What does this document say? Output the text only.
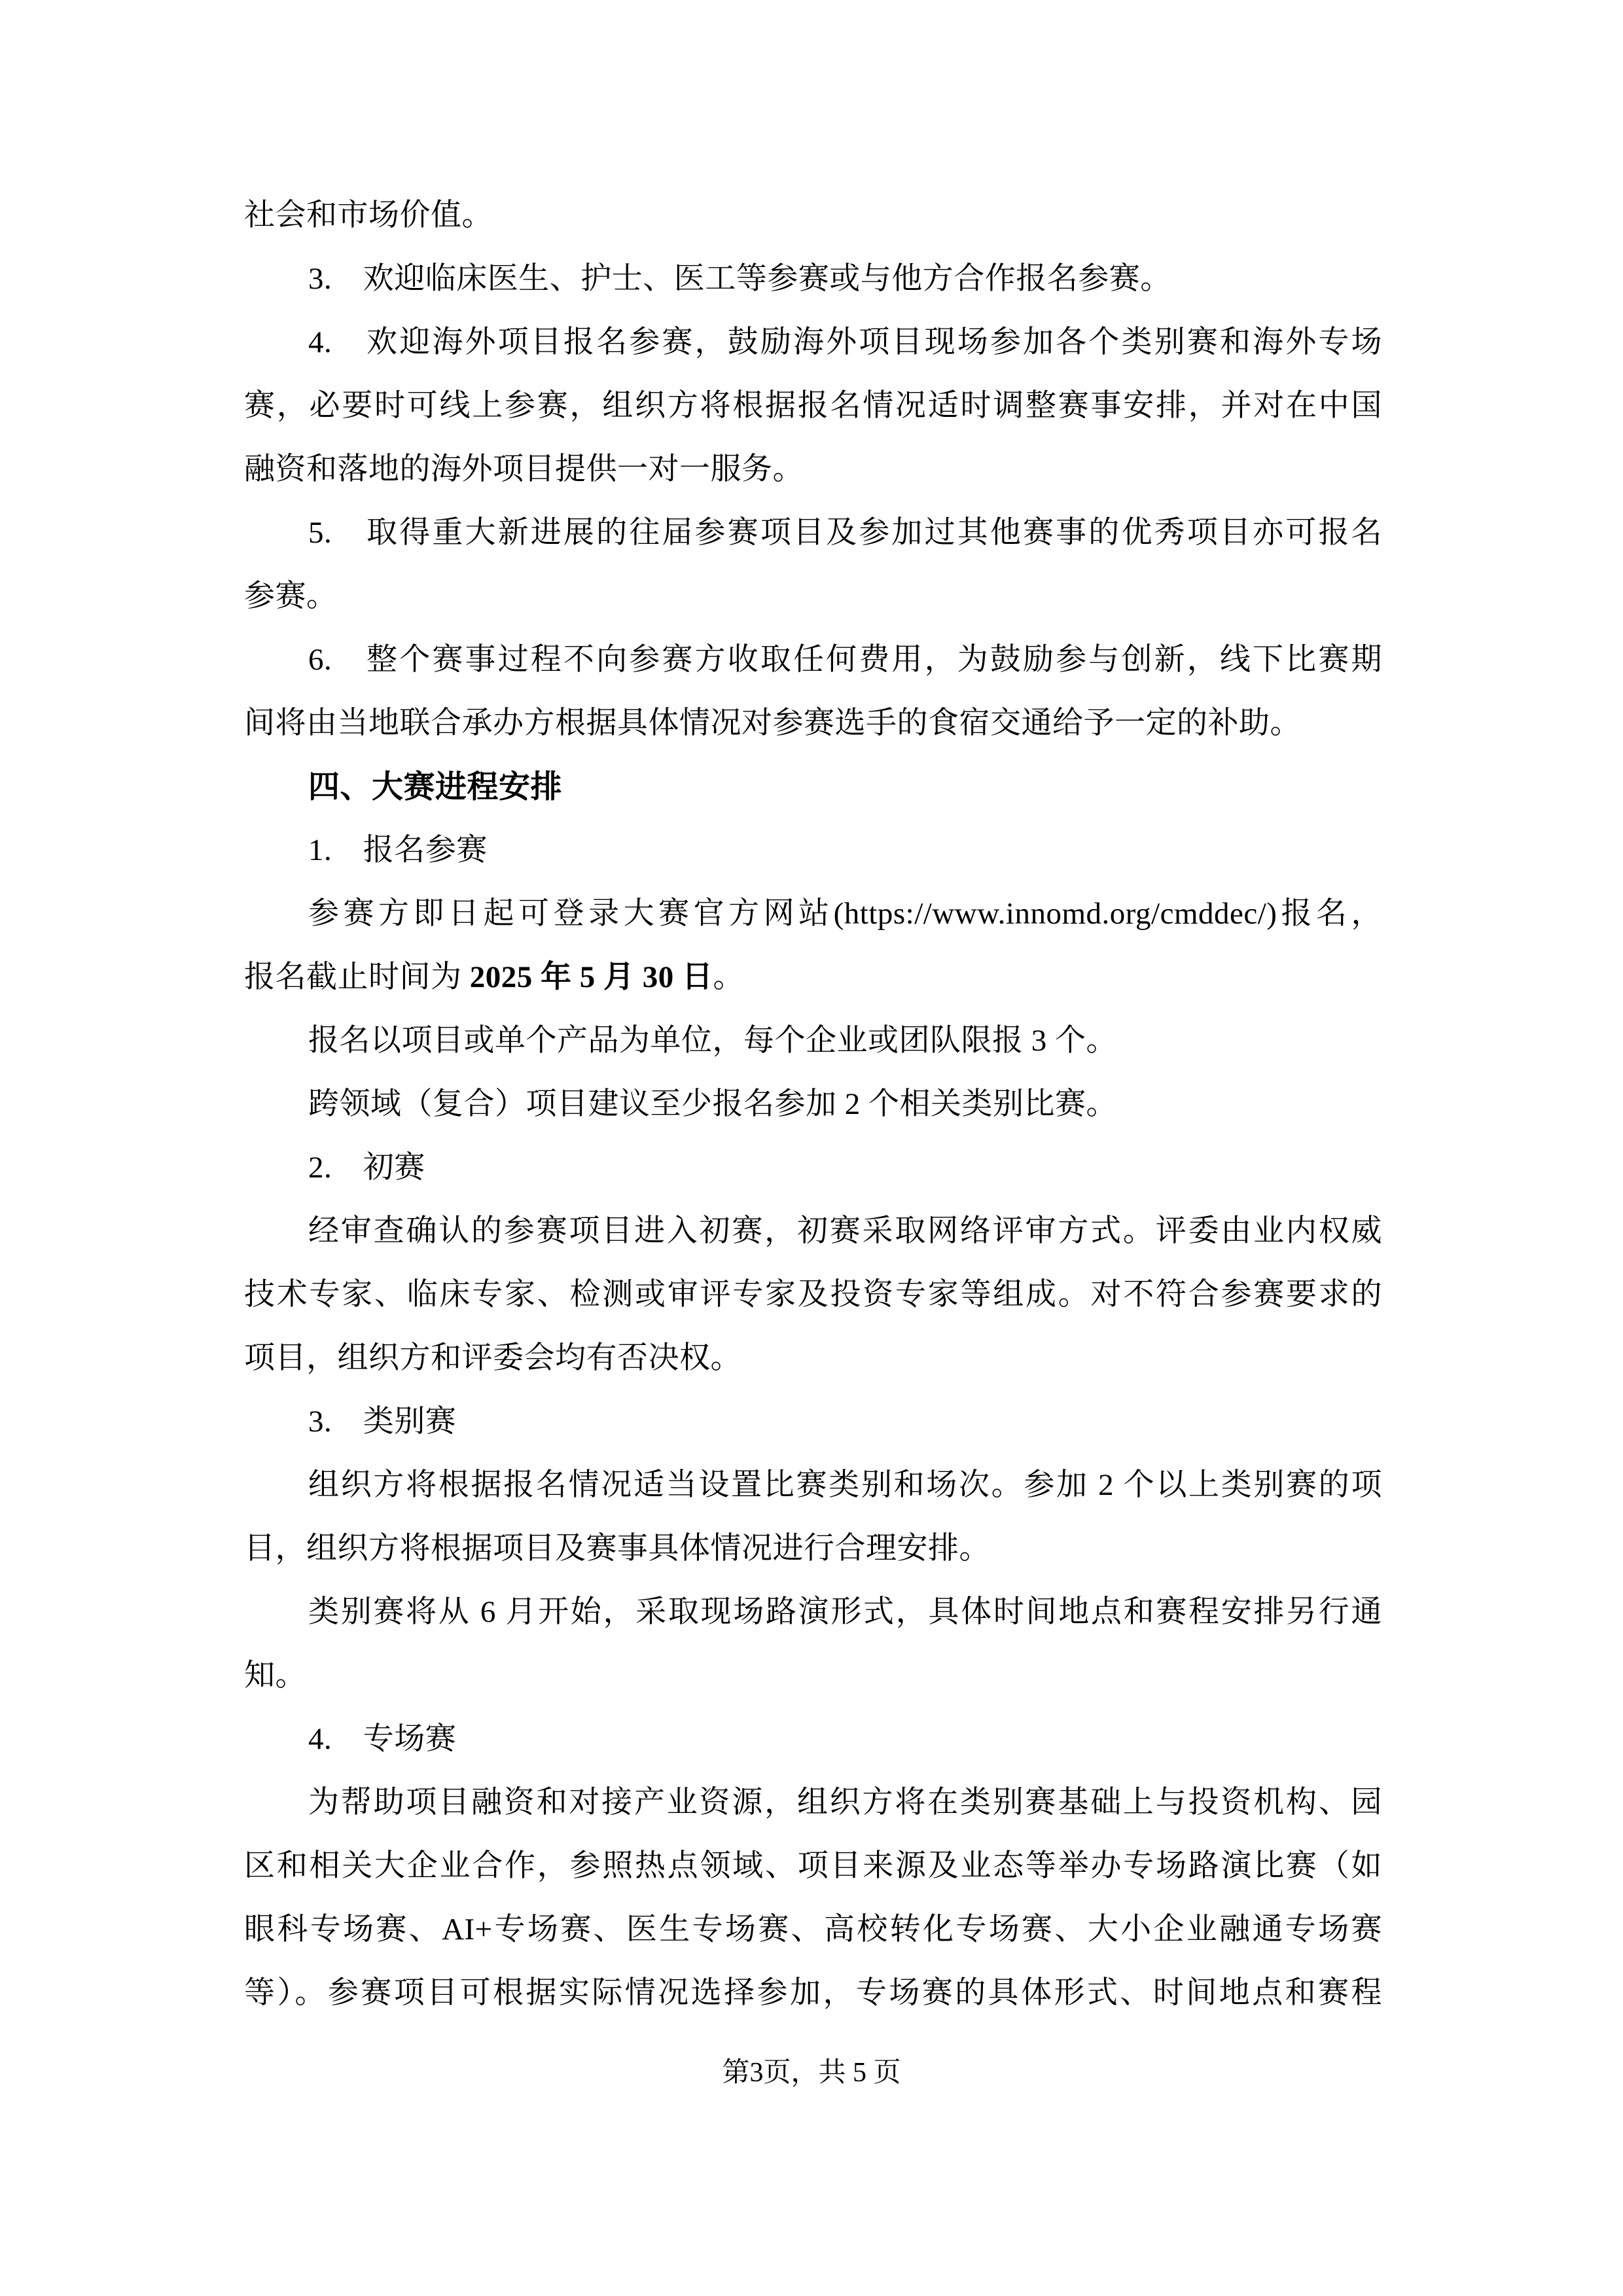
社会和市场价值。
3.　欢迎临床医生、护士、医工等参赛或与他方合作报名参赛。
4.　欢迎海外项目报名参赛，鼓励海外项目现场参加各个类别赛和海外专场
赛，必要时可线上参赛，组织方将根据报名情况适时调整赛事安排，并对在中国
融资和落地的海外项目提供一对一服务。
5.　取得重大新进展的往届参赛项目及参加过其他赛事的优秀项目亦可报名
参赛。
6.　整个赛事过程不向参赛方收取任何费用，为鼓励参与创新，线下比赛期
间将由当地联合承办方根据具体情况对参赛选手的食宿交通给予一定的补助。
四、大赛进程安排
1.　报名参赛
参赛方即日起可登录大赛官方网站(https://www.innomd.org/cmddec/)报名，
报名截止时间为 2025 年 5 月 30 日。
报名以项目或单个产品为单位，每个企业或团队限报 3 个。
跨领域（复合）项目建议至少报名参加 2 个相关类别比赛。
2.　初赛
经审查确认的参赛项目进入初赛，初赛采取网络评审方式。评委由业内权威
技术专家、临床专家、检测或审评专家及投资专家等组成。对不符合参赛要求的
项目，组织方和评委会均有否决权。
3.　类别赛
组织方将根据报名情况适当设置比赛类别和场次。参加 2 个以上类别赛的项
目，组织方将根据项目及赛事具体情况进行合理安排。
类别赛将从 6 月开始，采取现场路演形式，具体时间地点和赛程安排另行通
知。
4.　专场赛
为帮助项目融资和对接产业资源，组织方将在类别赛基础上与投资机构、园
区和相关大企业合作，参照热点领域、项目来源及业态等举办专场路演比赛（如
眼科专场赛、AI+专场赛、医生专场赛、高校转化专场赛、大小企业融通专场赛
等）。参赛项目可根据实际情况选择参加，专场赛的具体形式、时间地点和赛程
第3页，共 5 页
